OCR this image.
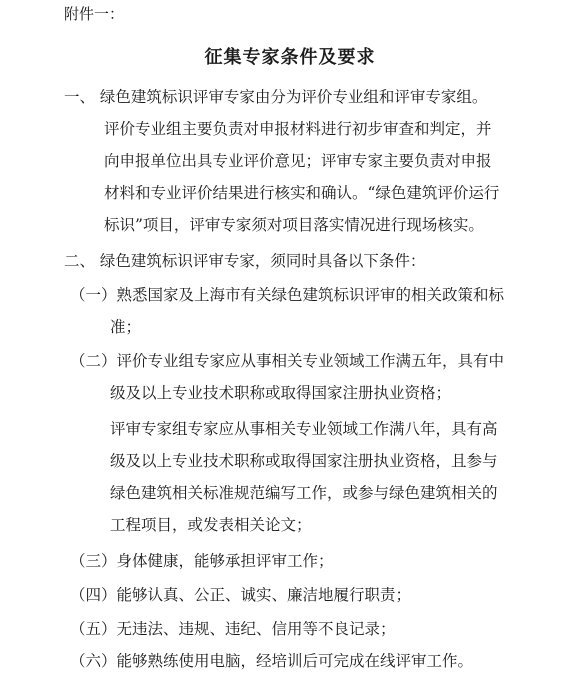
附件一：
征集专家条件及要求
一、 绿色建筑标识评审专家由分为评价专业组和评审专家组。
评价专业组主要负责对申报材料进行初步审查和判定，并
向申报单位出具专业评价意见；评审专家主要负责对申报
材料和专业评价结果进行核实和确认。“绿色建筑评价运行
标识”项目，评审专家须对项目落实情况进行现场核实。
二、 绿色建筑标识评审专家，须同时具备以下条件：
（一）熟悉国家及上海市有关绿色建筑标识评审的相关政策和标
准；
（二）评价专业组专家应从事相关专业领域工作满五年，具有中
级及以上专业技术职称或取得国家注册执业资格；
评审专家组专家应从事相关专业领域工作满八年，具有高
级及以上专业技术职称或取得国家注册执业资格，且参与
绿色建筑相关标准规范编写工作，或参与绿色建筑相关的
工程项目，或发表相关论文；
（三）身体健康，能够承担评审工作；
（四）能够认真、公正、诚实、廉洁地履行职责；
（五）无违法、违规、违纪、信用等不良记录；
（六）能够熟练使用电脑，经培训后可完成在线评审工作。
